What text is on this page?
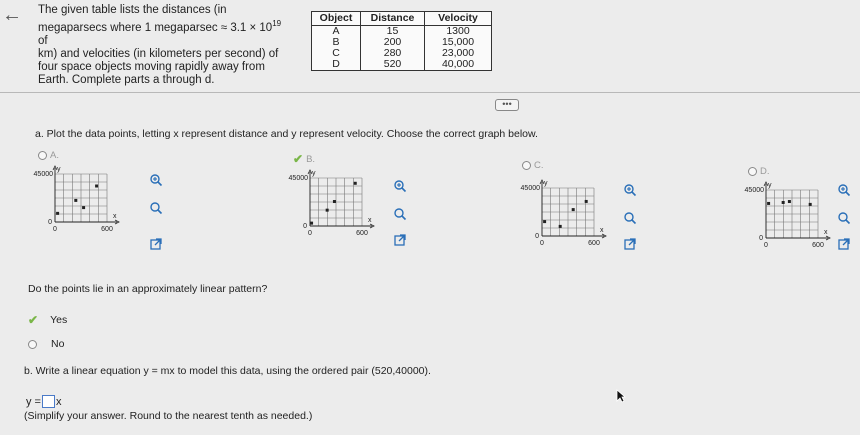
← The given table lists the distances (in
megaparsecs where 1 megaparsec ≈ $3.1 \times 10^{19}$ of
km) and velocities (in kilometers per second) of
four space objects moving rapidly away from
Earth. Complete parts a through d.
Object	Distance	Velocity
A	15	1300
B	200	15,000
C	280	23,000
D	520	40,000
•••
a. Plot the data points, letting x represent distance and y represent velocity. Choose the correct graph below.
A.
y
45000
0
0	600
x
✔ B.
y
45000
0
0	600
x
C.
y
45000
0
0	600
x
D.
y
45000
0
0	600
x
Do the points lie in an approximately linear pattern?
✔ Yes
No
b. Write a linear equation y = mx to model this data, using the ordered pair (520,40000).
y = x
(Simplify your answer. Round to the nearest tenth as needed.)
